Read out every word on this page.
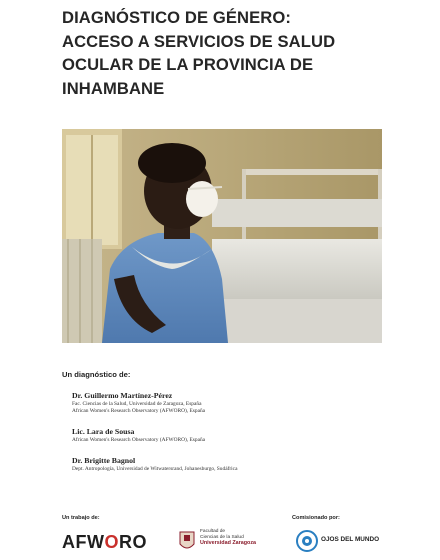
DIAGNÓSTICO DE GÉNERO:
ACCESO A SERVICIOS DE SALUD
OCULAR DE LA PROVINCIA DE
INHAMBANE
Un diagnóstico de:
Dr. Guillermo Martínez-Pérez
Fac. Ciencias de la Salud, Universidad de Zaragoza, España
African Women's Research Observatory (AFWORO), España
Lic. Lara de Sousa
African Women's Research Observatory (AFWORO), España
Dr. Brigitte Bagnol
Dept. Antropología, Universidad de Witwatersrand, Johanesburgo, Sudáfrica
Un trabajo de:	Comisionado por:
AFWORO
Facultad de
Ciencias de la Salud
Universidad Zaragoza
OJOS DEL MUNDO
